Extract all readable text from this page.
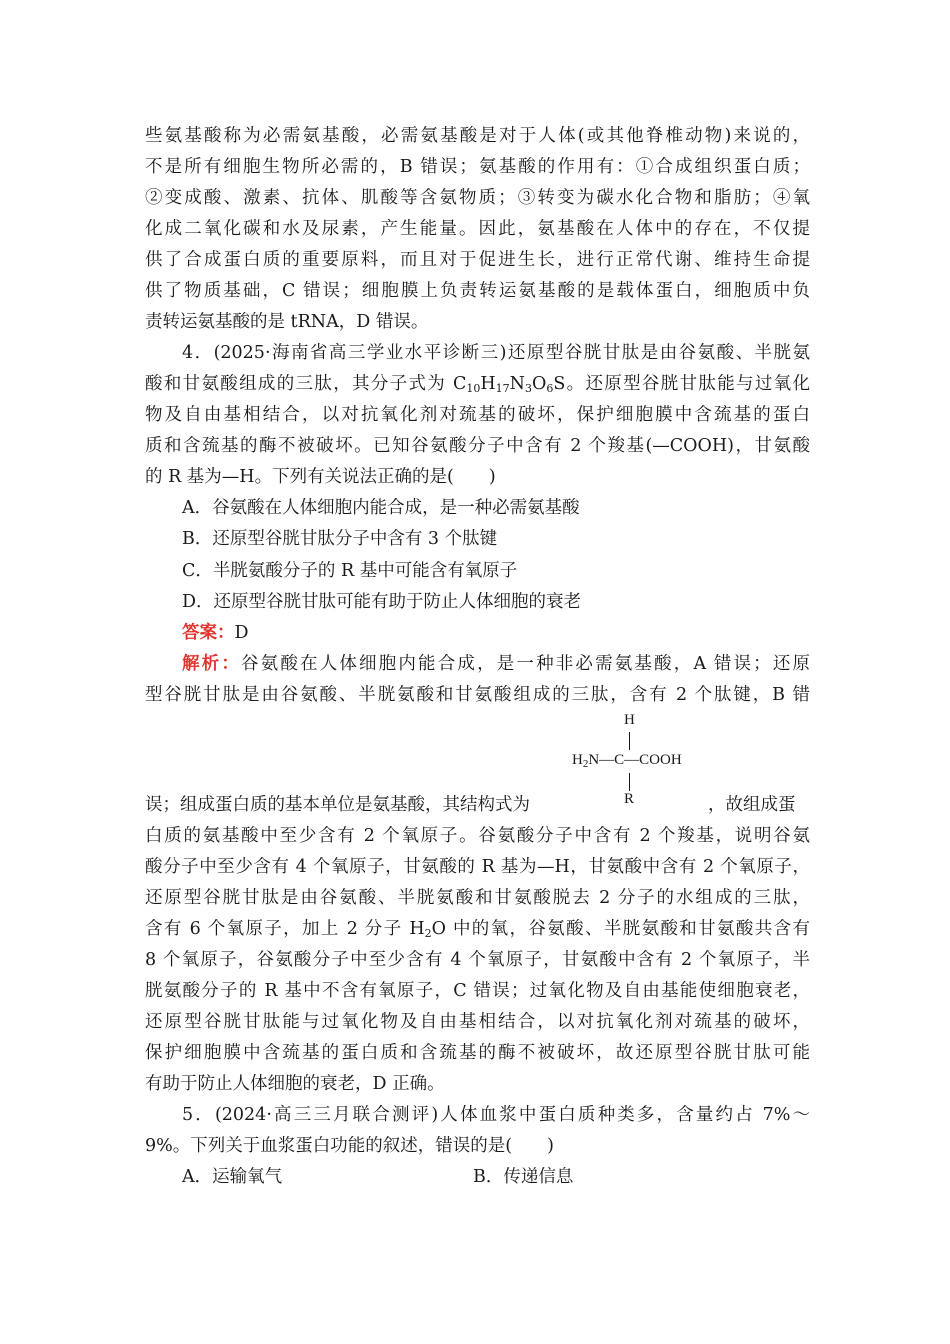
些氨基酸称为必需氨基酸，必需氨基酸是对于人体(或其他脊椎动物)来说的，
不是所有细胞生物所必需的，B 错误；氨基酸的作用有：①合成组织蛋白质；
②变成酸、激素、抗体、肌酸等含氨物质；③转变为碳水化合物和脂肪；④氧
化成二氧化碳和水及尿素，产生能量。因此，氨基酸在人体中的存在，不仅提
供了合成蛋白质的重要原料，而且对于促进生长，进行正常代谢、维持生命提
供了物质基础，C 错误；细胞膜上负责转运氨基酸的是载体蛋白，细胞质中负
责转运氨基酸的是 tRNA，D 错误。
4．(2025·海南省高三学业水平诊断三)还原型谷胱甘肽是由谷氨酸、半胱氨
酸和甘氨酸组成的三肽，其分子式为 $C_{10}H_{17}N_3O_6S$。还原型谷胱甘肽能与过氧化
物及自由基相结合，以对抗氧化剂对巯基的破坏，保护细胞膜中含巯基的蛋白
质和含巯基的酶不被破坏。已知谷氨酸分子中含有 2 个羧基(—COOH)，甘氨酸
的 R 基为—H。下列有关说法正确的是(　　)
A．谷氨酸在人体细胞内能合成，是一种必需氨基酸
B．还原型谷胱甘肽分子中含有 3 个肽键
C．半胱氨酸分子的 R 基中可能含有氧原子
D．还原型谷胱甘肽可能有助于防止人体细胞的衰老
答案：D
解析：谷氨酸在人体细胞内能合成，是一种非必需氨基酸，A 错误；还原
型谷胱甘肽是由谷氨酸、半胱氨酸和甘氨酸组成的三肽，含有 2 个肽键，B 错
H
$H_2N—C—COOH$
R
误；组成蛋白质的基本单位是氨基酸，其结构式为	，故组成蛋
白质的氨基酸中至少含有 2 个氧原子。谷氨酸分子中含有 2 个羧基，说明谷氨
酸分子中至少含有 4 个氧原子，甘氨酸的 R 基为—H，甘氨酸中含有 2 个氧原子，
还原型谷胱甘肽是由谷氨酸、半胱氨酸和甘氨酸脱去 2 分子的水组成的三肽，
含有 6 个氧原子，加上 2 分子 $H_2O$ 中的氧，谷氨酸、半胱氨酸和甘氨酸共含有
8 个氧原子，谷氨酸分子中至少含有 4 个氧原子，甘氨酸中含有 2 个氧原子，半
胱氨酸分子的 R 基中不含有氧原子，C 错误；过氧化物及自由基能使细胞衰老，
还原型谷胱甘肽能与过氧化物及自由基相结合，以对抗氧化剂对巯基的破坏，
保护细胞膜中含巯基的蛋白质和含巯基的酶不被破坏，故还原型谷胱甘肽可能
有助于防止人体细胞的衰老，D 正确。
5．(2024·高三三月联合测评)人体血浆中蛋白质种类多，含量约占 7%～
9%。下列关于血浆蛋白功能的叙述，错误的是(　　)
A．运输氧气	B．传递信息
